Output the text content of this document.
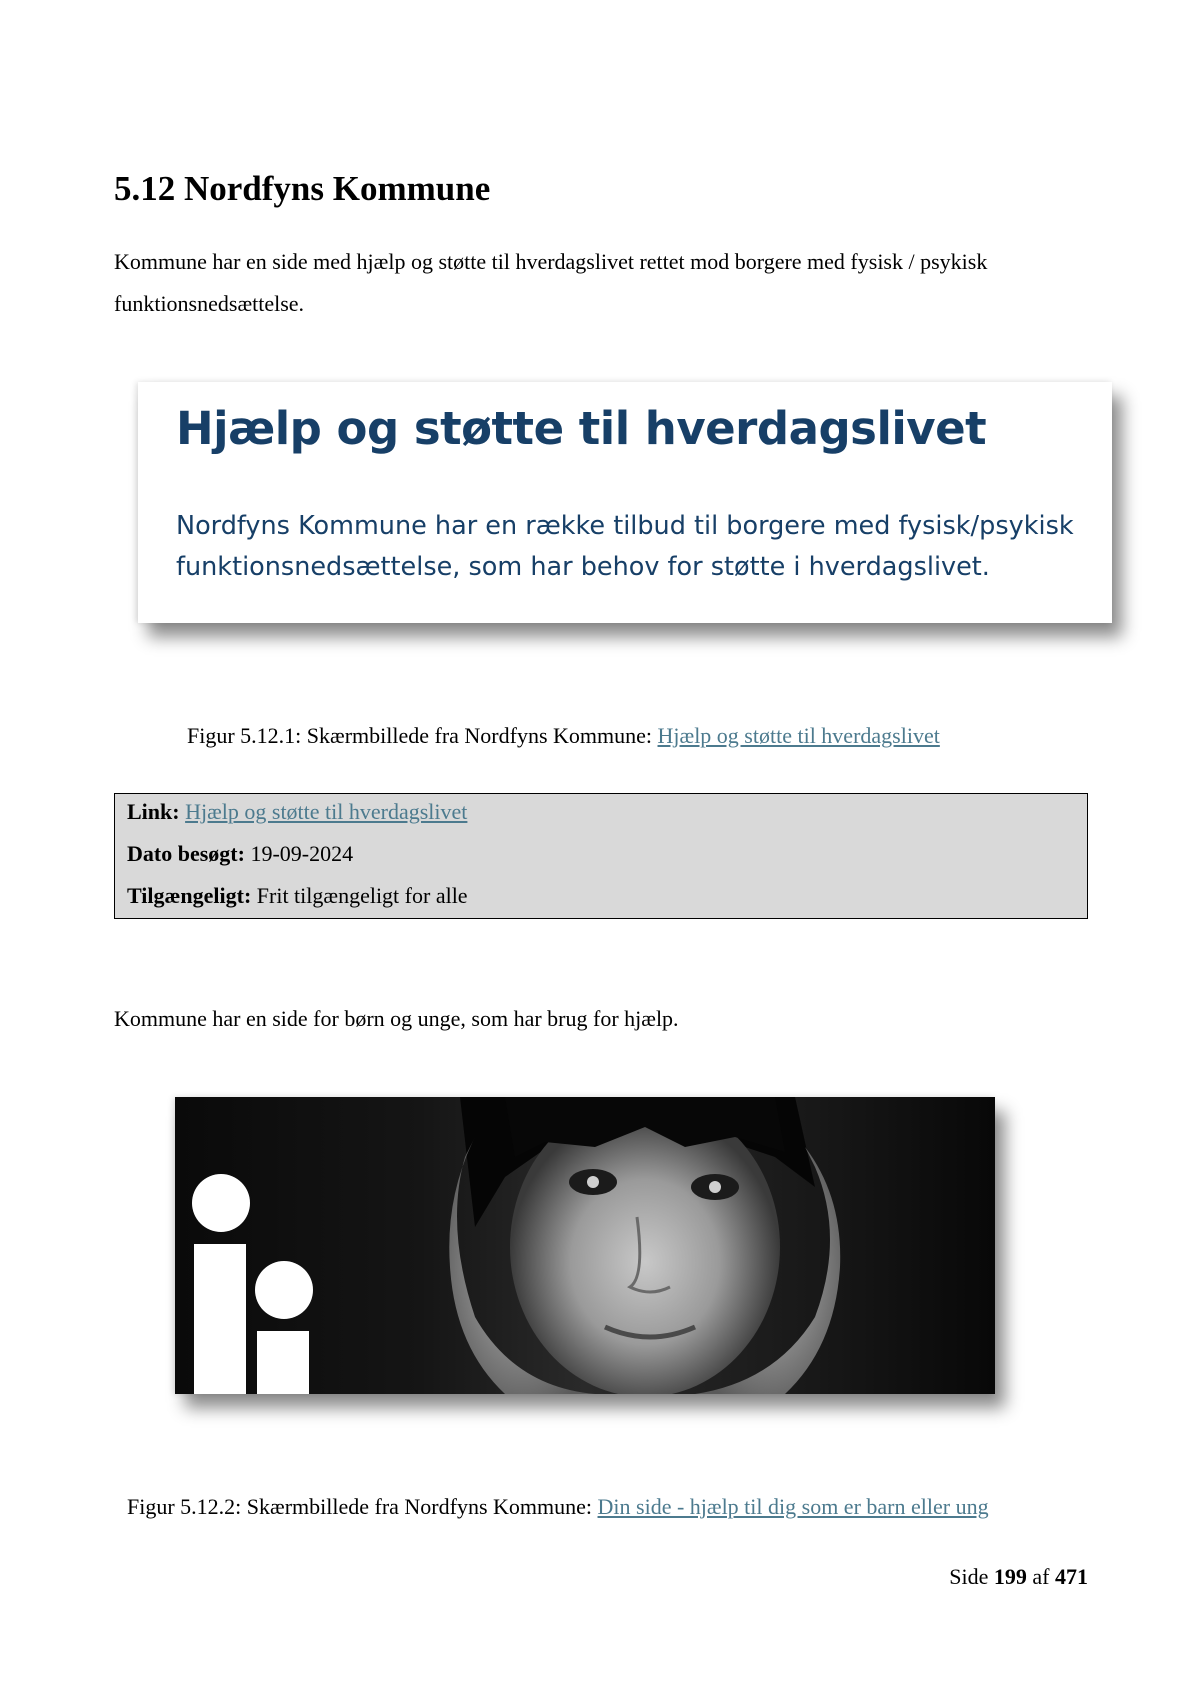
5.12 Nordfyns Kommune

Kommune har en side med hjælp og støtte til hverdagslivet rettet mod borgere med fysisk / psykisk funktionsnedsættelse.

Hjælp og støtte til hverdagslivet

Nordfyns Kommune har en række tilbud til borgere med fysisk/psykisk funktionsnedsættelse, som har behov for støtte i hverdagslivet.

Figur 5.12.1: Skærmbillede fra Nordfyns Kommune: Hjælp og støtte til hverdagslivet

Link: Hjælp og støtte til hverdagslivet

Dato besøgt: 19-09-2024

Tilgængeligt: Frit tilgængeligt for alle

Kommune har en side for børn og unge, som har brug for hjælp.

Figur 5.12.2: Skærmbillede fra Nordfyns Kommune: Din side - hjælp til dig som er barn eller ung

Side 199 af 471
